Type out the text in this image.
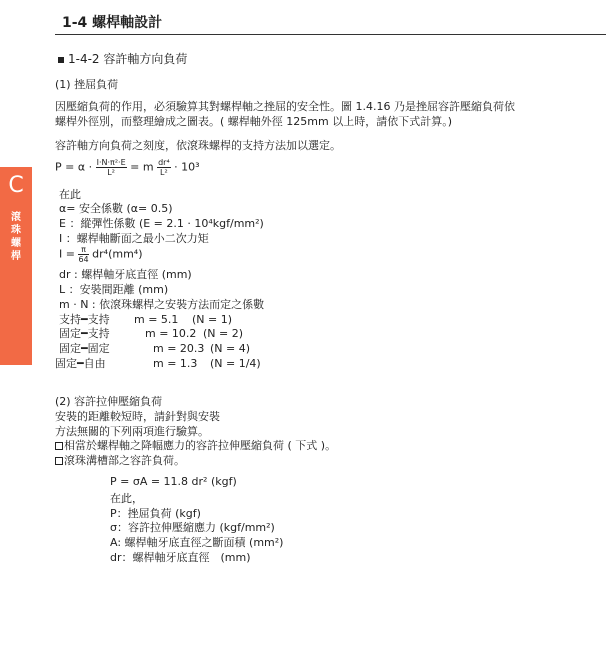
1-4 螺桿軸設計
C
滾
珠
螺
桿
1-4-2 容許軸方向負荷
(1) 挫屈負荷
因壓縮負荷的作用，必須驗算其對螺桿軸之挫屈的安全性。圖 1.4.16 乃是挫屈容許壓縮負荷依
螺桿外徑別，而整理繪成之圖表。( 螺桿軸外徑 125mm 以上時，請依下式計算。)
容許軸方向負荷之刻度，依滾珠螺桿的支持方法加以選定。
$P = \alpha \cdot \frac{\text{I·N·π²·E}}{\text{L²}} = m \frac{\text{dr⁴}}{\text{L²}} \cdot 10^3$
在此
α= 安全係數 (α= 0.5)
E ：縱彈性係數 (E = 2.1 · 10⁴kgf/mm²)
I ：螺桿軸斷面之最小二次力矩
$I = \frac{\pi}{64} dr^4(mm^4)$
dr : 螺桿軸牙底直徑 (mm)
L ：安裝間距離 (mm)
m · N : 依滾珠螺桿之安裝方法而定之係數
支持━支持 m = 5.1 (N = 1)
固定━支持	m = 10.2 (N = 2)
固定━固定	m = 20.3 (N = 4)
固定━自由	m = 1.3 (N = 1/4)
(2) 容許拉伸壓縮負荷
安裝的距離較短時，請針對與安裝
方法無關的下列兩項進行驗算。
相當於螺桿軸之降幅應力的容許拉伸壓縮負荷 ( 下式 )。
滾珠溝槽部之容許負荷。
P = σA = 11.8 dr² (kgf)
在此，
P：挫屈負荷 (kgf)
σ：容許拉伸壓縮應力 (kgf/mm²)
A: 螺桿軸牙底直徑之斷面積 (mm²)
dr：螺桿軸牙底直徑　(mm)
